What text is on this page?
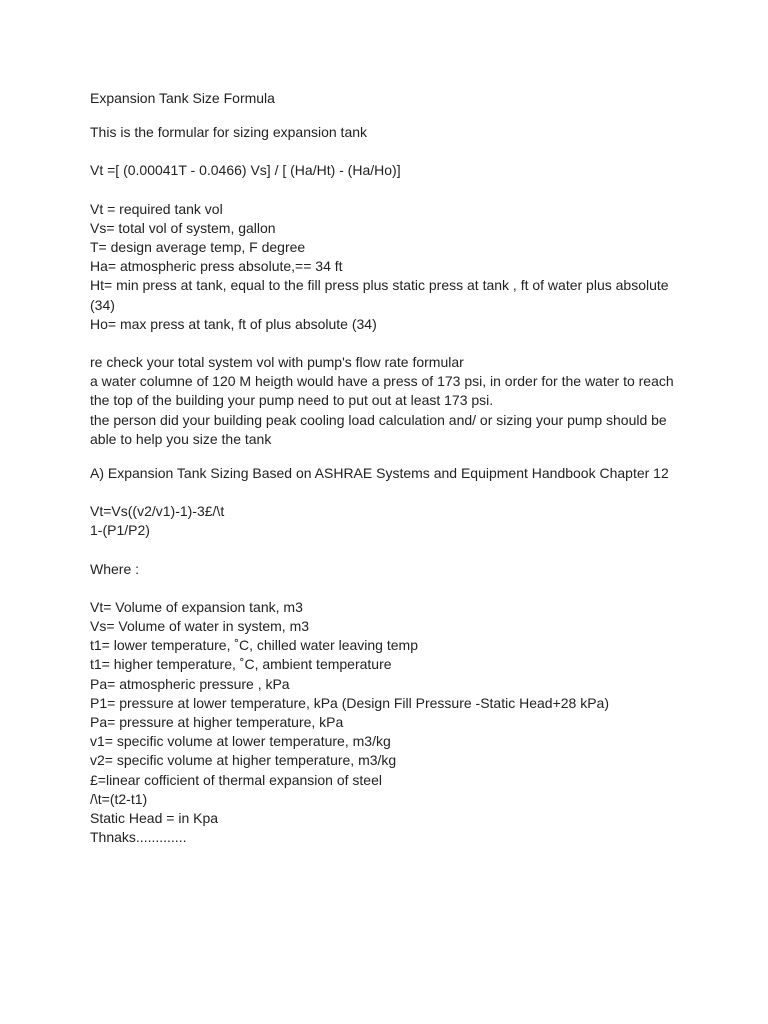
Expansion Tank Size Formula

This is the formular for sizing expansion tank

Vt =[ (0.00041T - 0.0466) Vs] / [ (Ha/Ht) - (Ha/Ho)]

Vt = required tank vol

Vs= total vol of system, gallon

T= design average temp, F degree

Ha= atmospheric press absolute,== 34 ft

Ht= min press at tank, equal to the fill press plus static press at tank , ft of water plus absolute (34)

Ho= max press at tank, ft of plus absolute (34)

re check your total system vol with pump's flow rate formular

a water columne of 120 M heigth would have a press of 173 psi, in order for the water to reach the top of the building your pump need to put out at least 173 psi.

the person did your building peak cooling load calculation and/ or sizing your pump should be able to help you size the tank

A) Expansion Tank Sizing Based on ASHRAE Systems and Equipment Handbook Chapter 12

Vt=Vs((v2/v1)-1)-3£/\t

1-(P1/P2)

Where :

Vt= Volume of expansion tank, m3

Vs= Volume of water in system, m3

t1= lower temperature, ˚C, chilled water leaving temp

t1= higher temperature, ˚C, ambient temperature

Pa= atmospheric pressure , kPa

P1= pressure at lower temperature, kPa (Design Fill Pressure -Static Head+28 kPa)

Pa= pressure at higher temperature, kPa

v1= specific volume at lower temperature, m3/kg

v2= specific volume at higher temperature, m3/kg

£=linear cofficient of thermal expansion of steel

/\t=(t2-t1)

Static Head = in Kpa

Thnaks.............
